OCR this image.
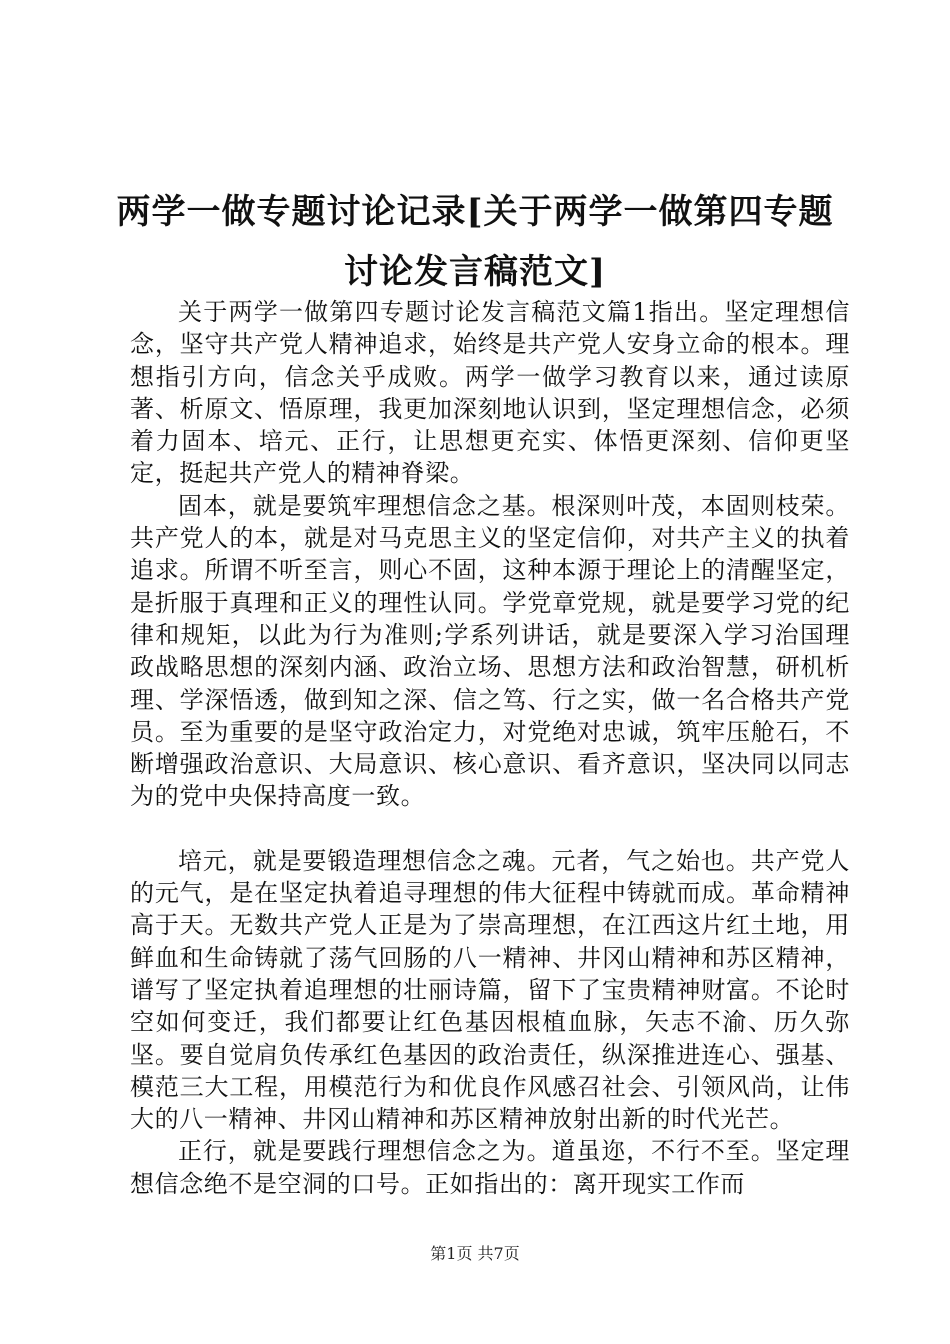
两学一做专题讨论记录[关于两学一做第四专题讨论发言稿范文]

关于两学一做第四专题讨论发言稿范文篇1指出。坚定理想信念，坚守共产党人精神追求，始终是共产党人安身立命的根本。理想指引方向，信念关乎成败。两学一做学习教育以来，通过读原著、析原文、悟原理，我更加深刻地认识到，坚定理想信念，必须着力固本、培元、正行，让思想更充实、体悟更深刻、信仰更坚定，挺起共产党人的精神脊梁。

固本，就是要筑牢理想信念之基。根深则叶茂，本固则枝荣。共产党人的本，就是对马克思主义的坚定信仰，对共产主义的执着追求。所谓不听至言，则心不固，这种本源于理论上的清醒坚定，是折服于真理和正义的理性认同。学党章党规，就是要学习党的纪律和规矩，以此为行为准则;学系列讲话，就是要深入学习治国理政战略思想的深刻内涵、政治立场、思想方法和政治智慧，研机析理、学深悟透，做到知之深、信之笃、行之实，做一名合格共产党员。至为重要的是坚守政治定力，对党绝对忠诚，筑牢压舱石，不断增强政治意识、大局意识、核心意识、看齐意识，坚决同以同志为的党中央保持高度一致。

培元，就是要锻造理想信念之魂。元者，气之始也。共产党人的元气，是在坚定执着追寻理想的伟大征程中铸就而成。革命精神高于天。无数共产党人正是为了崇高理想，在江西这片红土地，用鲜血和生命铸就了荡气回肠的八一精神、井冈山精神和苏区精神，谱写了坚定执着追理想的壮丽诗篇，留下了宝贵精神财富。不论时空如何变迁，我们都要让红色基因根植血脉，矢志不渝、历久弥坚。要自觉肩负传承红色基因的政治责任，纵深推进连心、强基、模范三大工程，用模范行为和优良作风感召社会、引领风尚，让伟大的八一精神、井冈山精神和苏区精神放射出新的时代光芒。

正行，就是要践行理想信念之为。道虽迩，不行不至。坚定理想信念绝不是空洞的口号。正如指出的：离开现实工作而

第1页 共7页
